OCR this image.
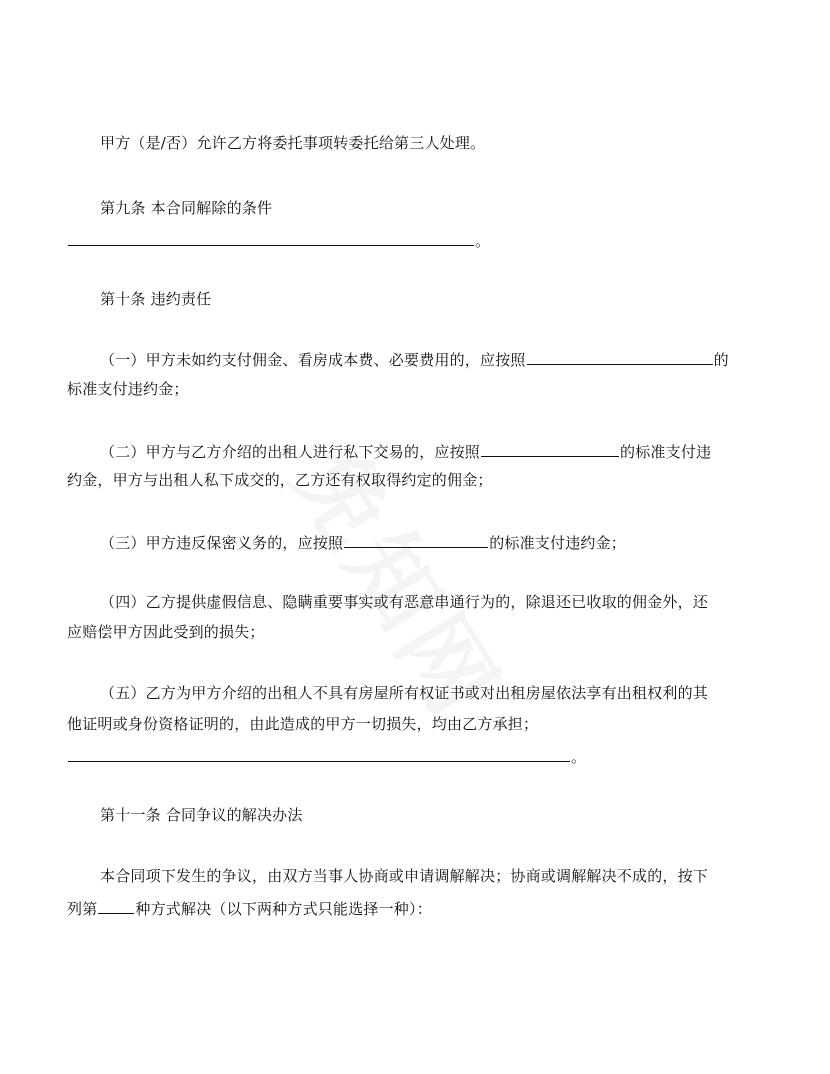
甲方（是/否）允许乙方将委托事项转委托给第三人处理。
第九条 本合同解除的条件
。
第十条 违约责任
（一）甲方未如约支付佣金、看房成本费、必要费用的，应按照	的
标准支付违约金；
（二）甲方与乙方介绍的出租人进行私下交易的，应按照	的标准支付违
约金，甲方与出租人私下成交的，乙方还有权取得约定的佣金；
（三）甲方违反保密义务的，应按照	的标准支付违约金；
（四）乙方提供虚假信息、隐瞒重要事实或有恶意串通行为的，除退还已收取的佣金外，还
应赔偿甲方因此受到的损失；
（五）乙方为甲方介绍的出租人不具有房屋所有权证书或对出租房屋依法享有出租权利的其
他证明或身份资格证明的，由此造成的甲方一切损失，均由乙方承担；
。
第十一条 合同争议的解决办法
本合同项下发生的争议，由双方当事人协商或申请调解解决；协商或调解解决不成的，按下
列第	种方式解决（以下两种方式只能选择一种）：
